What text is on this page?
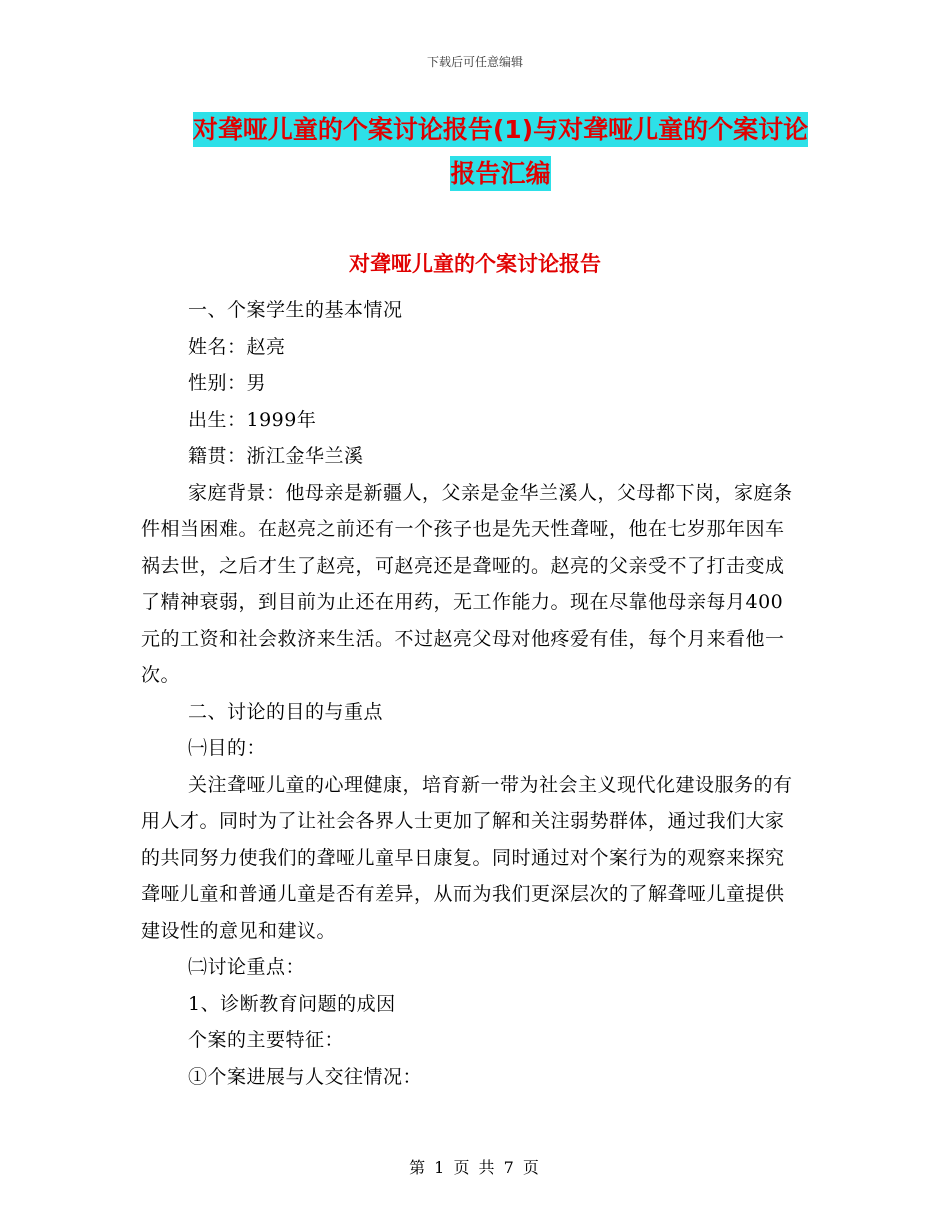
下载后可任意编辑
对聋哑儿童的个案讨论报告(1)与对聋哑儿童的个案讨论报告汇编
对聋哑儿童的个案讨论报告

一、个案学生的基本情况

姓名：赵亮

性别：男

出生：1999年

籍贯：浙江金华兰溪

家庭背景：他母亲是新疆人，父亲是金华兰溪人，父母都下岗，家庭条件相当困难。在赵亮之前还有一个孩子也是先天性聋哑，他在七岁那年因车祸去世，之后才生了赵亮，可赵亮还是聋哑的。赵亮的父亲受不了打击变成了精神衰弱，到目前为止还在用药，无工作能力。现在尽靠他母亲每月400元的工资和社会救济来生活。不过赵亮父母对他疼爱有佳，每个月来看他一次。

二、讨论的目的与重点

㈠目的：

关注聋哑儿童的心理健康，培育新一带为社会主义现代化建设服务的有用人才。同时为了让社会各界人士更加了解和关注弱势群体，通过我们大家的共同努力使我们的聋哑儿童早日康复。同时通过对个案行为的观察来探究聋哑儿童和普通儿童是否有差异，从而为我们更深层次的了解聋哑儿童提供建设性的意见和建议。

㈡讨论重点：

1、诊断教育问题的成因

个案的主要特征：

①个案进展与人交往情况：

第 1 页 共 7 页
